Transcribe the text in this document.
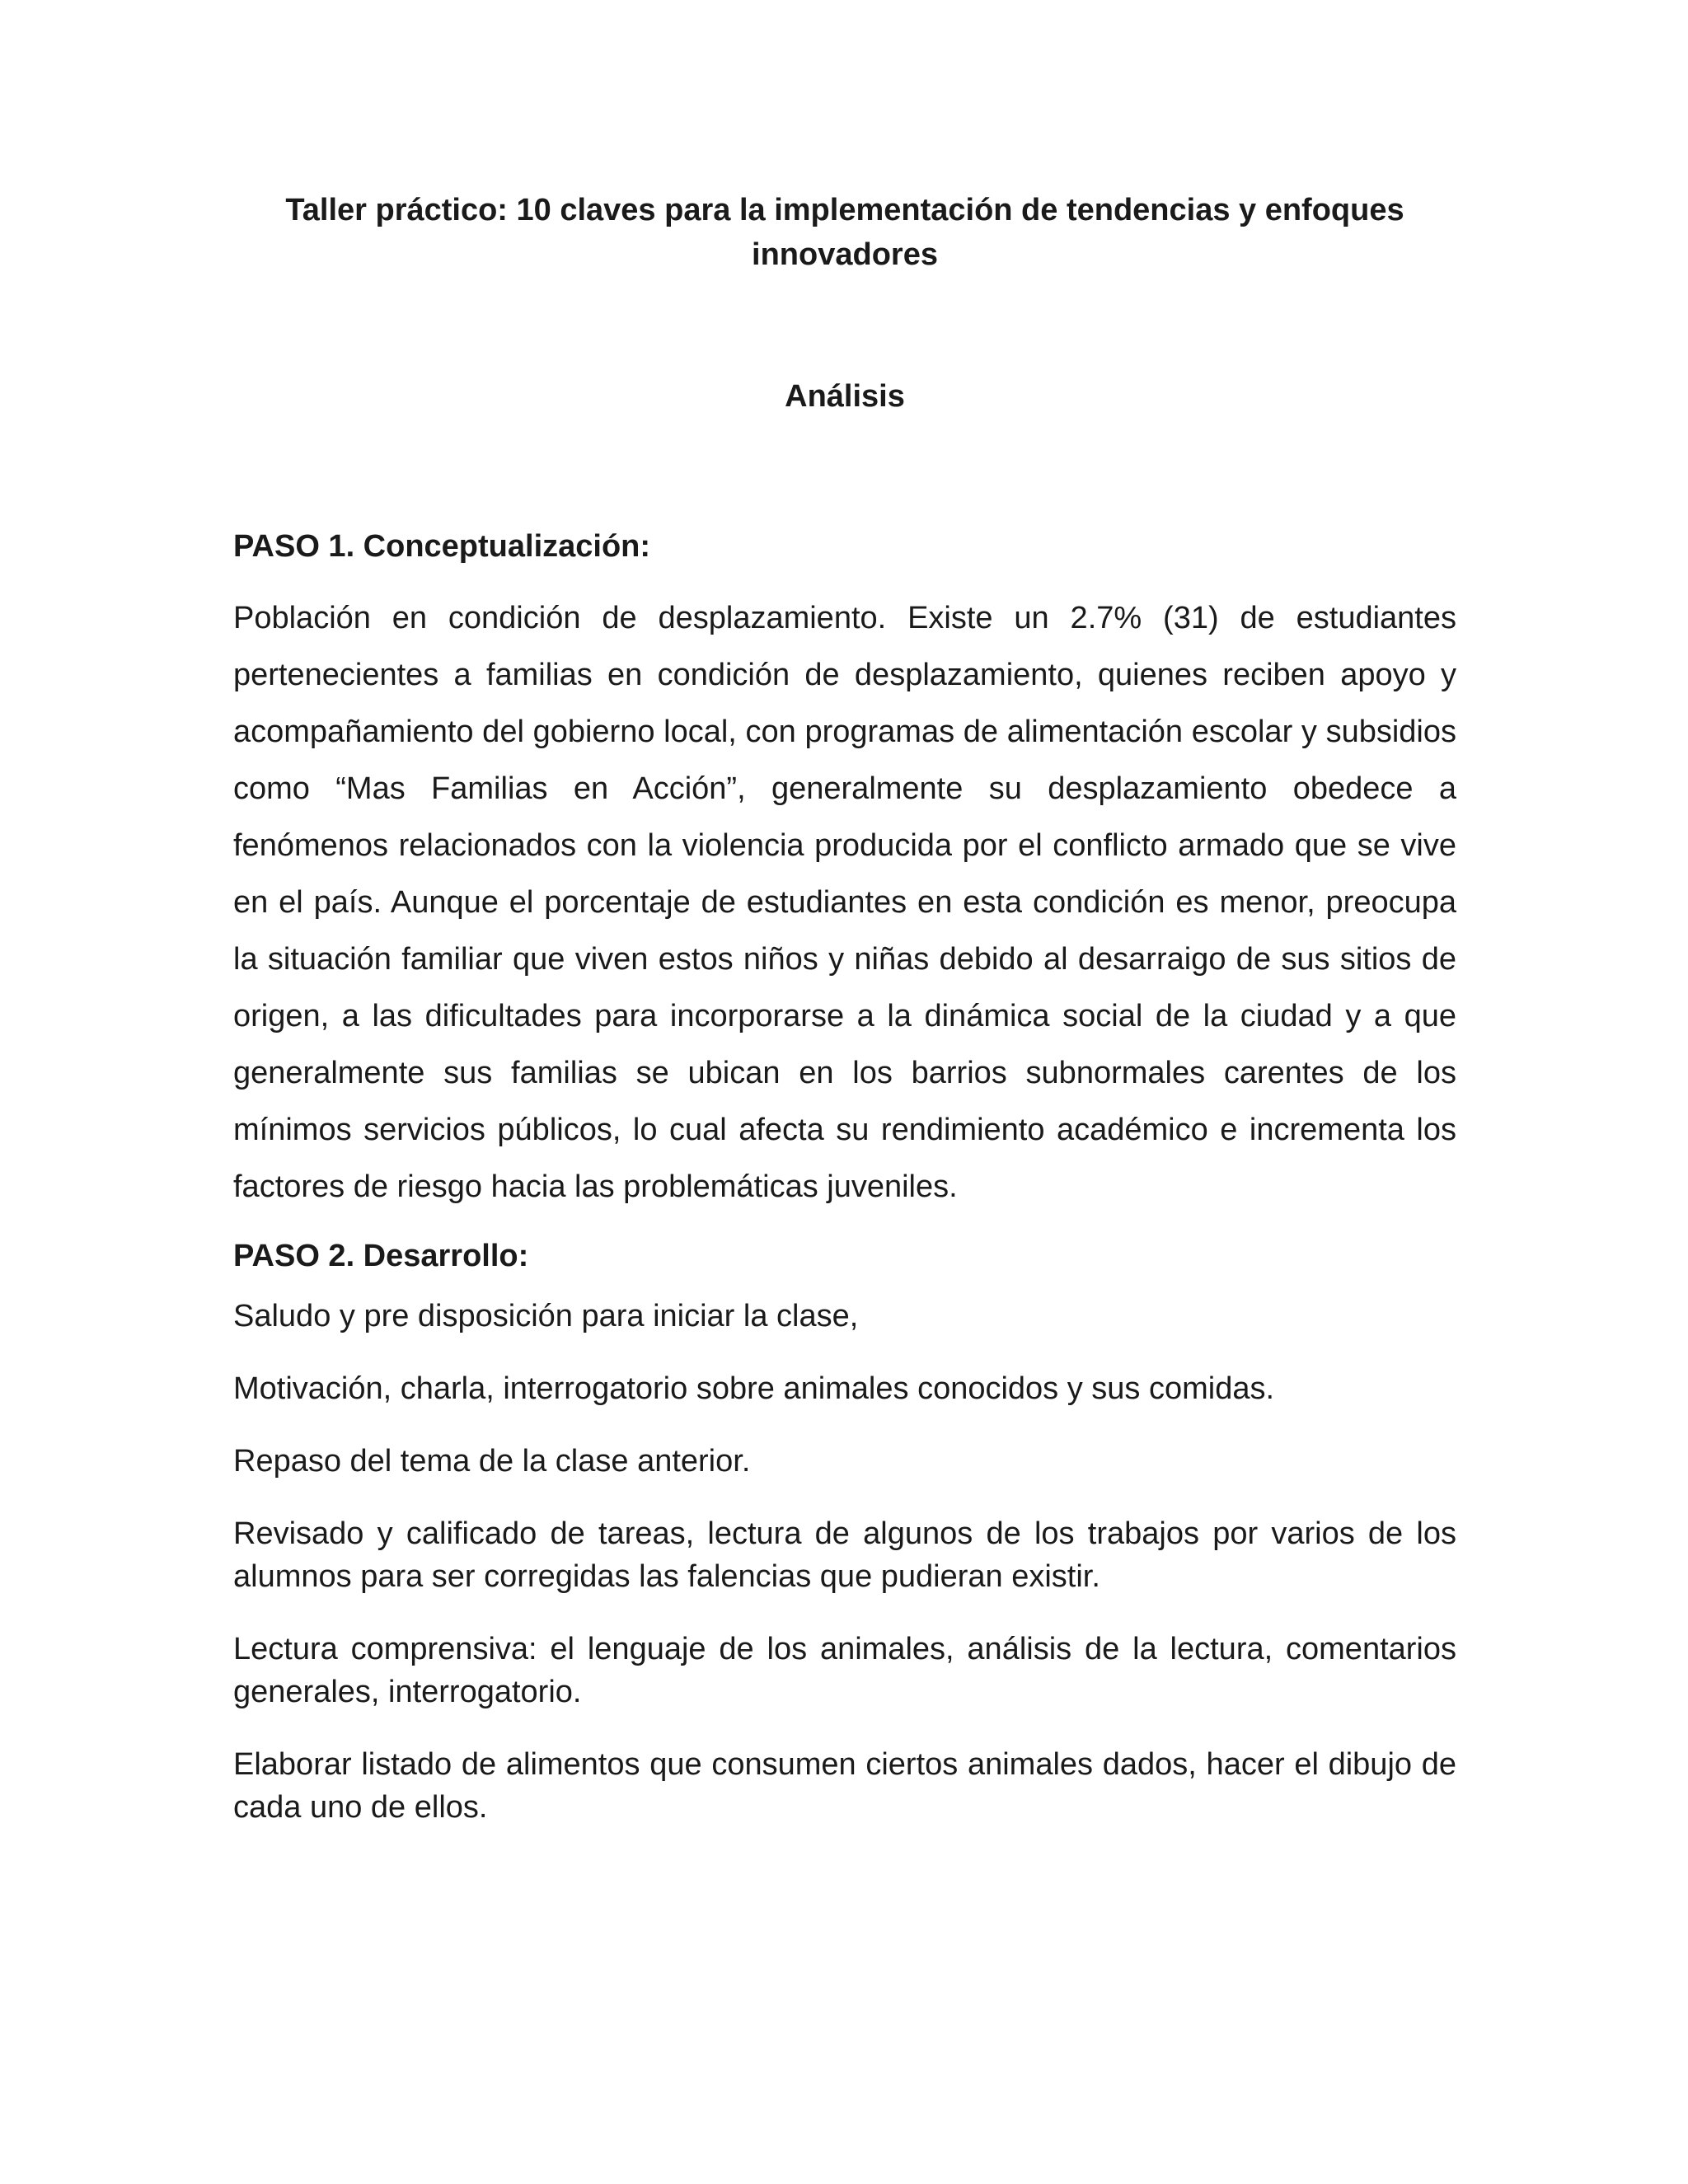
Taller práctico: 10 claves para la implementación de tendencias y enfoques innovadores
Análisis
PASO 1. Conceptualización:

Población en condición de desplazamiento. Existe un 2.7% (31) de estudiantes pertenecientes a familias en condición de desplazamiento, quienes reciben apoyo y acompañamiento del gobierno local, con programas de alimentación escolar y subsidios como “Mas Familias en Acción”, generalmente su desplazamiento obedece a fenómenos relacionados con la violencia producida por el conflicto armado que se vive en el país. Aunque el porcentaje de estudiantes en esta condición es menor, preocupa la situación familiar que viven estos niños y niñas debido al desarraigo de sus sitios de origen, a las dificultades para incorporarse a la dinámica social de la ciudad y a que generalmente sus familias se ubican en los barrios subnormales carentes de los mínimos servicios públicos, lo cual afecta su rendimiento académico e incrementa los factores de riesgo hacia las problemáticas juveniles.

PASO 2. Desarrollo:
Saludo y pre disposición para iniciar la clase,
Motivación, charla, interrogatorio sobre animales conocidos y sus comidas.
Repaso del tema de la clase anterior.
Revisado y calificado de tareas, lectura de algunos de los trabajos por varios de los alumnos para ser corregidas las falencias que pudieran existir.
Lectura comprensiva: el lenguaje de los animales, análisis de la lectura, comentarios generales, interrogatorio.
Elaborar listado de alimentos que consumen ciertos animales dados, hacer el dibujo de cada uno de ellos.
